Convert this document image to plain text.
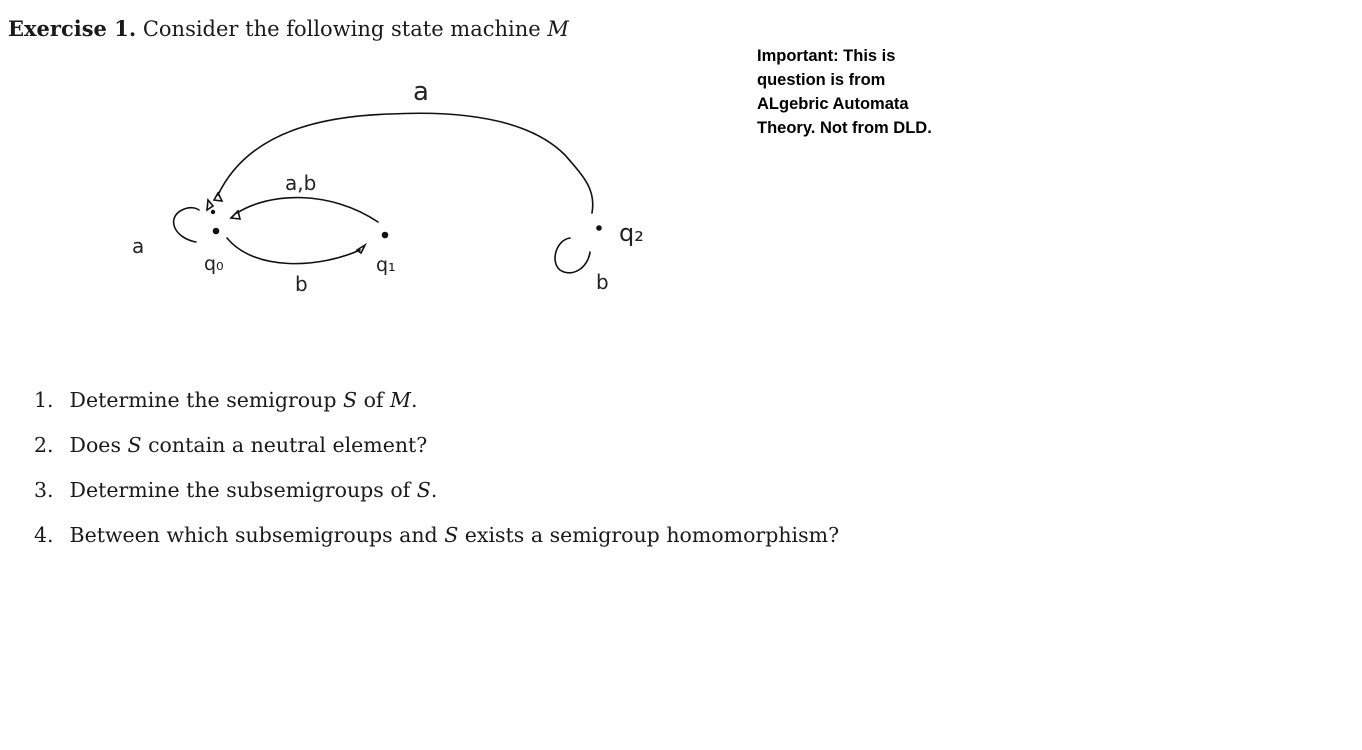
Exercise 1. Consider the following state machine M
Important: This is
question is from
ALgebric Automata
Theory. Not from DLD.
a
a,b
b
a
b
q₀	q₁
q₂
1. Determine the semigroup S of M.
2. Does S contain a neutral element?
3. Determine the subsemigroups of S.
4. Between which subsemigroups and S exists a semigroup homomorphism?
